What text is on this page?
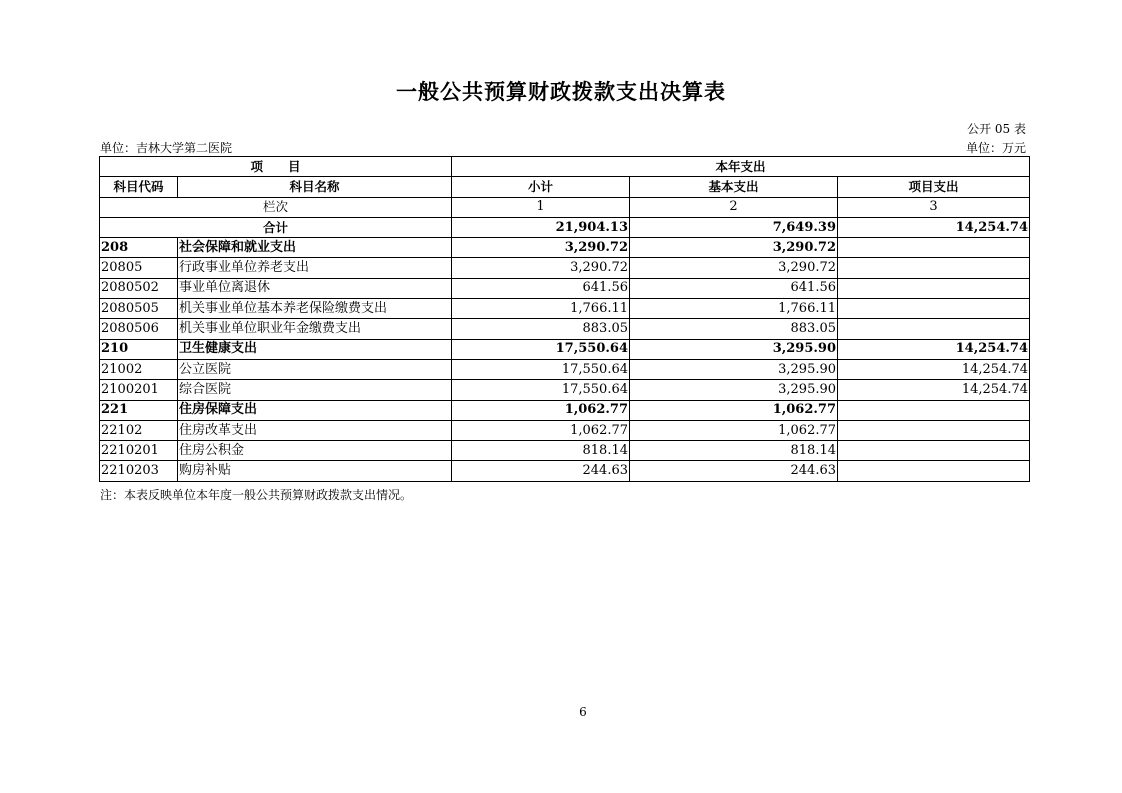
一般公共预算财政拨款支出决算表
公开 05 表
单位：吉林大学第二医院	单位：万元
项　　目		本年支出		
科目代码	科目名称	小计	基本支出	项目支出
栏次		1	2	3
合计		21,904.13	7,649.39	14,254.74
208	社会保障和就业支出	3,290.72	3,290.72	
20805	行政事业单位养老支出	3,290.72	3,290.72	
2080502	事业单位离退休	641.56	641.56	
2080505	机关事业单位基本养老保险缴费支出	1,766.11	1,766.11	
2080506	机关事业单位职业年金缴费支出	883.05	883.05	
210	卫生健康支出	17,550.64	3,295.90	14,254.74
21002	公立医院	17,550.64	3,295.90	14,254.74
2100201	综合医院	17,550.64	3,295.90	14,254.74
221	住房保障支出	1,062.77	1,062.77	
22102	住房改革支出	1,062.77	1,062.77	
2210201	住房公积金	818.14	818.14	
2210203	购房补贴	244.63	244.63	
注：本表反映单位本年度一般公共预算财政拨款支出情况。
6
